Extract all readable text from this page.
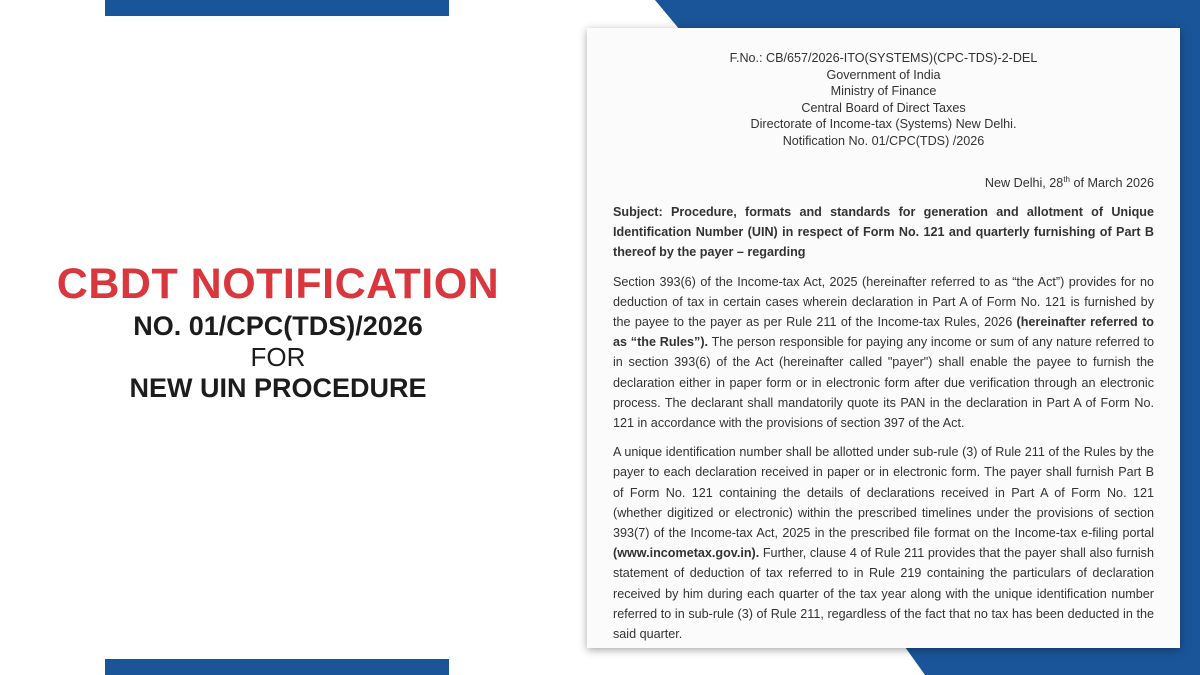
CBDT NOTIFICATION
NO. 01/CPC(TDS)/2026
FOR
NEW UIN PROCEDURE
F.No.: CB/657/2026-ITO(SYSTEMS)(CPC-TDS)-2-DEL
Government of India
Ministry of Finance
Central Board of Direct Taxes
Directorate of Income-tax (Systems) New Delhi.
Notification No. 01/CPC(TDS) /2026
New Delhi, 28th of March 2026

Subject: Procedure, formats and standards for generation and allotment of Unique Identification Number (UIN) in respect of Form No. 121 and quarterly furnishing of Part B thereof by the payer – regarding

Section 393(6) of the Income-tax Act, 2025 (hereinafter referred to as “the Act”) provides for no deduction of tax in certain cases wherein declaration in Part A of Form No. 121 is furnished by the payee to the payer as per Rule 211 of the Income-tax Rules, 2026 (hereinafter referred to as “the Rules”). The person responsible for paying any income or sum of any nature referred to in section 393(6) of the Act (hereinafter called "payer") shall enable the payee to furnish the declaration either in paper form or in electronic form after due verification through an electronic process. The declarant shall mandatorily quote its PAN in the declaration in Part A of Form No. 121 in accordance with the provisions of section 397 of the Act.

A unique identification number shall be allotted under sub-rule (3) of Rule 211 of the Rules by the payer to each declaration received in paper or in electronic form. The payer shall furnish Part B of Form No. 121 containing the details of declarations received in Part A of Form No. 121 (whether digitized or electronic) within the prescribed timelines under the provisions of section 393(7) of the Income-tax Act, 2025 in the prescribed file format on the Income-tax e-filing portal (www.incometax.gov.in). Further, clause 4 of Rule 211 provides that the payer shall also furnish statement of deduction of tax referred to in Rule 219 containing the particulars of declaration received by him during each quarter of the tax year along with the unique identification number referred to in sub-rule (3) of Rule 211, regardless of the fact that no tax has been deducted in the said quarter.
